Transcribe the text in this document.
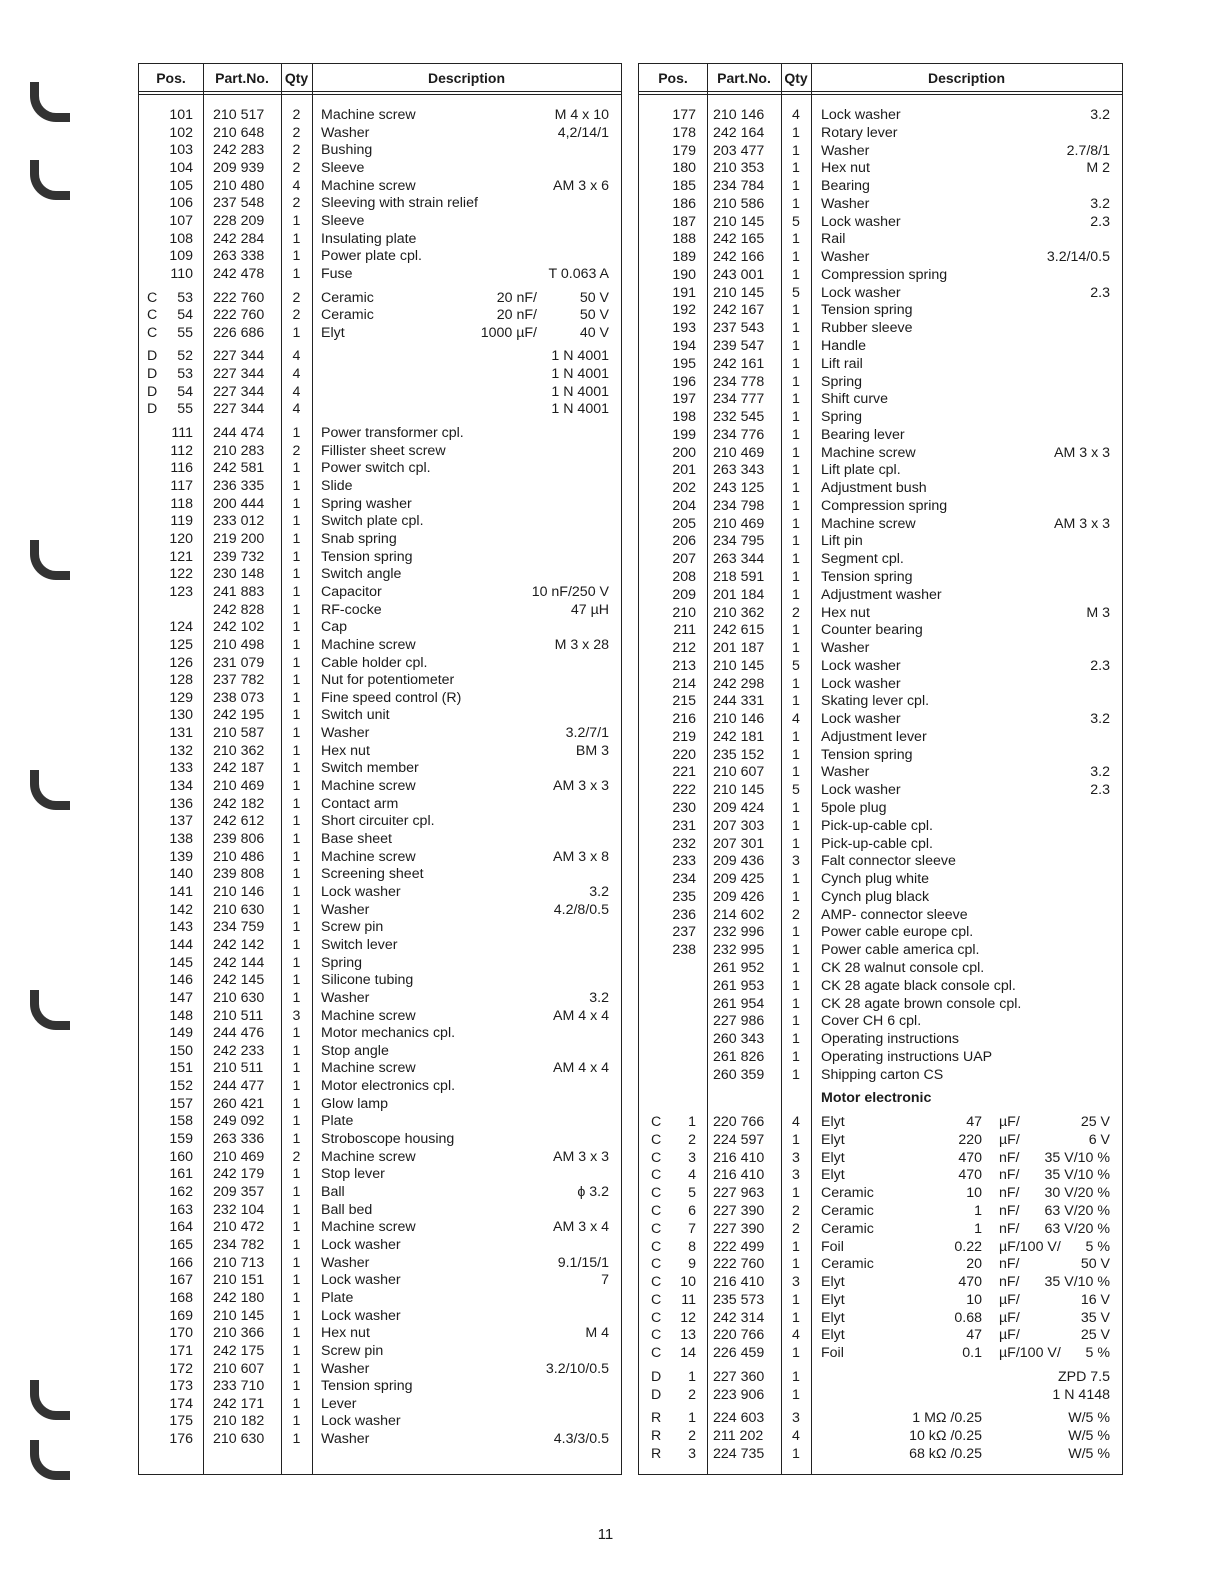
Pos.	Part.No.	Qty	Description
101 210 517	2	Machine screw	M 4 x 10
102 210 648	2	Washer	4,2/14/1
103 242 283	2	Bushing
104 209 939	2	Sleeve
105 210 480	4	Machine screw	AM 3 x 6
106 237 548	2	Sleeving with strain relief
107 228 209	1	Sleeve
108 242 284	1	Insulating plate
109 263 338	1	Power plate cpl.
110 242 478	1	Fuse	T 0.063 A
C 53 222 760	2	Ceramic	20 nF/	50 V
C 54 222 760	2	Ceramic	20 nF/	50 V
C 55 226 686	1	Elyt	1000 µF/	40 V
D 52 227 344	4	1 N 4001
D 53 227 344	4	1 N 4001
D 54 227 344	4	1 N 4001
D 55 227 344	4	1 N 4001
111 244 474	1	Power transformer cpl.
112 210 283	2	Fillister sheet screw
116 242 581	1	Power switch cpl.
117 236 335	1	Slide
118 200 444	1	Spring washer
119 233 012	1	Switch plate cpl.
120 219 200	1	Snab spring
121 239 732	1	Tension spring
122 230 148	1	Switch angle
123 241 883	1	Capacitor	10 nF/250 V
242 828	1	RF-cocke	47 µH
124 242 102	1	Cap
125 210 498	1	Machine screw	M 3 x 28
126 231 079	1	Cable holder cpl.
128 237 782	1	Nut for potentiometer
129 238 073	1	Fine speed control (R)
130 242 195	1	Switch unit
131 210 587	1	Washer	3.2/7/1
132 210 362	1	Hex nut	BM 3
133 242 187	1	Switch member
134 210 469	1	Machine screw	AM 3 x 3
136 242 182	1	Contact arm
137 242 612	1	Short circuiter cpl.
138 239 806	1	Base sheet
139 210 486	1	Machine screw	AM 3 x 8
140 239 808	1	Screening sheet
141 210 146	1	Lock washer	3.2
142 210 630	1	Washer	4.2/8/0.5
143 234 759	1	Screw pin
144 242 142	1	Switch lever
145 242 144	1	Spring
146 242 145	1	Silicone tubing
147 210 630	1	Washer	3.2
148 210 511	3	Machine screw	AM 4 x 4
149 244 476	1	Motor mechanics cpl.
150 242 233	1	Stop angle
151 210 511	1	Machine screw	AM 4 x 4
152 244 477	1	Motor electronics cpl.
157 260 421	1	Glow lamp
158 249 092	1	Plate
159 263 336	1	Stroboscope housing
160 210 469	2	Machine screw	AM 3 x 3
161 242 179	1	Stop lever
162 209 357	1	Ball	ϕ 3.2
163 232 104	1	Ball bed
164 210 472	1	Machine screw	AM 3 x 4
165 234 782	1	Lock washer
166 210 713	1	Washer	9.1/15/1
167 210 151	1	Lock washer	7
168 242 180	1	Plate
169 210 145	1	Lock washer
170 210 366	1	Hex nut	M 4
171 242 175	1	Screw pin
172 210 607	1	Washer	3.2/10/0.5
173 233 710	1	Tension spring
174 242 171	1	Lever
175 210 182	1	Lock washer
176 210 630	1	Washer	4.3/3/0.5
Pos.	Part.No. Qty	Description
177 210 146	4	Lock washer	3.2
178 242 164	1	Rotary lever
179 203 477	1	Washer	2.7/8/1
180 210 353	1	Hex nut	M 2
185 234 784	1	Bearing
186 210 586	1	Washer	3.2
187 210 145	5	Lock washer	2.3
188 242 165	1	Rail
189 242 166	1	Washer	3.2/14/0.5
190 243 001	1	Compression spring
191 210 145	5	Lock washer	2.3
192 242 167	1	Tension spring
193 237 543	1	Rubber sleeve
194 239 547	1	Handle
195 242 161	1	Lift rail
196 234 778	1	Spring
197 234 777	1	Shift curve
198 232 545	1	Spring
199 234 776	1	Bearing lever
200 210 469	1	Machine screw	AM 3 x 3
201 263 343	1	Lift plate cpl.
202 243 125	1	Adjustment bush
204 234 798	1	Compression spring
205 210 469	1	Machine screw	AM 3 x 3
206 234 795	1	Lift pin
207 263 344	1	Segment cpl.
208 218 591	1	Tension spring
209 201 184	1	Adjustment washer
210 210 362	2	Hex nut	M 3
211 242 615	1	Counter bearing
212 201 187	1	Washer
213 210 145	5	Lock washer	2.3
214 242 298	1	Lock washer
215 244 331	1	Skating lever cpl.
216 210 146	4	Lock washer	3.2
219 242 181	1	Adjustment lever
220 235 152	1	Tension spring
221 210 607	1	Washer	3.2
222 210 145	5	Lock washer	2.3
230 209 424	1	5pole plug
231 207 303	1	Pick-up-cable cpl.
232 207 301	1	Pick-up-cable cpl.
233 209 436	3	Falt connector sleeve
234 209 425	1	Cynch plug white
235 209 426	1	Cynch plug black
236 214 602	2	AMP- connector sleeve
237 232 996	1	Power cable europe cpl.
238 232 995	1	Power cable america cpl.
261 952	1	CK 28 walnut console cpl.
261 953	1	CK 28 agate black console cpl.
261 954	1	CK 28 agate brown console cpl.
227 986	1	Cover CH 6 cpl.
260 343	1	Operating instructions
261 826	1	Operating instructions UAP
260 359	1	Shipping carton CS
Motor electronic
C 1 220 766	4	Elyt	47 µF/	25 V
C 2 224 597	1	Elyt	220 µF/	6 V
C 3 216 410	3	Elyt	470 nF/ 35 V/10 %
C 4 216 410	3	Elyt	470 nF/ 35 V/10 %
C 5 227 963	1	Ceramic	10 nF/ 30 V/20 %
C 6 227 390	2	Ceramic	1 nF/ 63 V/20 %
C 7 227 390	2	Ceramic	1 nF/ 63 V/20 %
C 8 222 499	1	Foil	0.22 µF/100 V/ 5 %
C 9 222 760	1	Ceramic	20 nF/	50 V
C 10 216 410	3	Elyt	470 nF/ 35 V/10 %
C 11 235 573	1	Elyt	10 µF/	16 V
C 12 242 314	1	Elyt	0.68 µF/	35 V
C 13 220 766	4	Elyt	47 µF/	25 V
C 14 226 459	1	Foil	0.1 µF/100 V/ 5 %
D 1 227 360	1	ZPD 7.5
D 2 223 906	1	1 N 4148
R 1 224 603	3	1 MΩ /0.25	W/5 %
R 2 211 202	4	10 kΩ /0.25	W/5 %
R 3 224 735	1	68 kΩ /0.25	W/5 %
11
